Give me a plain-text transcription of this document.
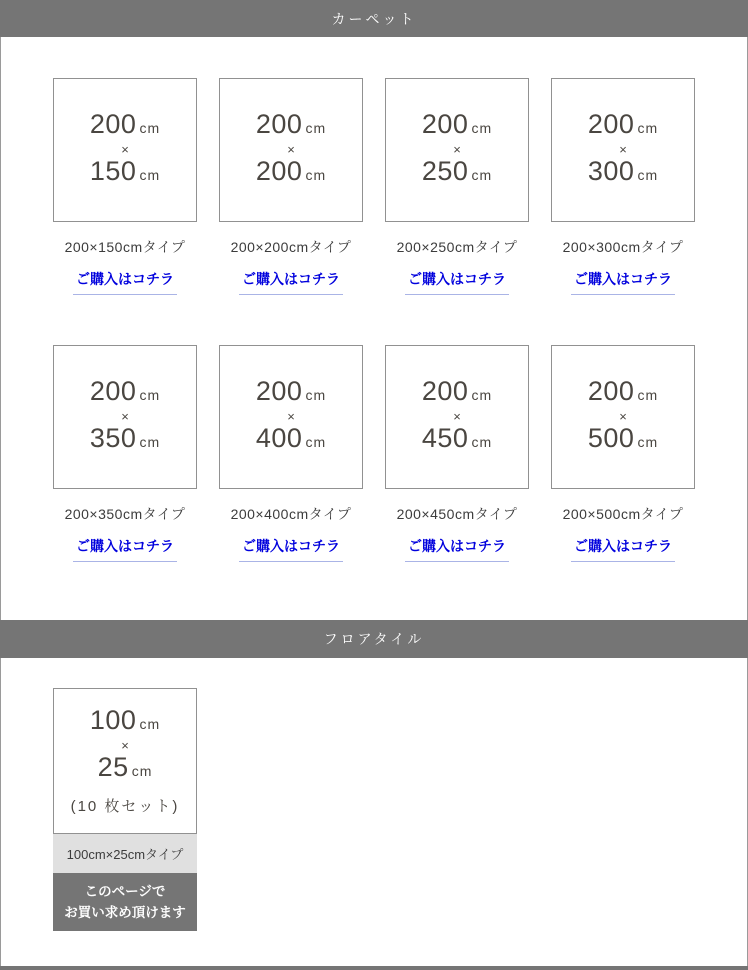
カーペット
200 cm
×
150 cm
200×150cmタイプ
ご購入はコチラ
200 cm
×
200 cm
200×200cmタイプ
ご購入はコチラ
200 cm
×
250 cm
200×250cmタイプ
ご購入はコチラ
200 cm
×
300 cm
200×300cmタイプ
ご購入はコチラ
200 cm
×
350 cm
200×350cmタイプ
ご購入はコチラ
200 cm
×
400 cm
200×400cmタイプ
ご購入はコチラ
200 cm
×
450 cm
200×450cmタイプ
ご購入はコチラ
200 cm
×
500 cm
200×500cmタイプ
ご購入はコチラ
フロアタイル
100 cm
×
25 cm
(10 枚セット)
100cm×25cmタイプ
このページで
お買い求め頂けます
